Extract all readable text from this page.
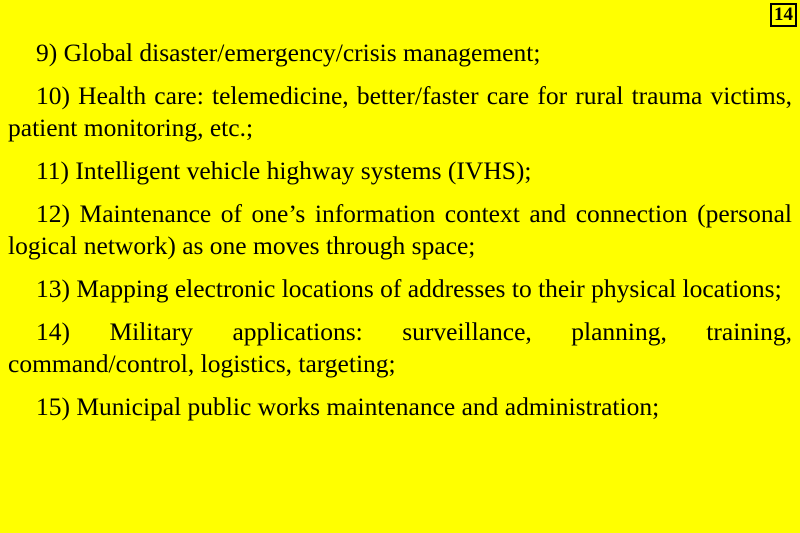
14

9) Global disaster/emergency/crisis management;

10) Health care: telemedicine, better/faster care for rural trauma victims, patient monitoring, etc.;

11) Intelligent vehicle highway systems (IVHS);

12) Maintenance of one’s information context and connection (personal logical network) as one moves through space;

13) Mapping electronic locations of addresses to their physical locations;

14) Military applications: surveillance, planning, training, command/control, logistics, targeting;

15) Municipal public works maintenance and administration;
